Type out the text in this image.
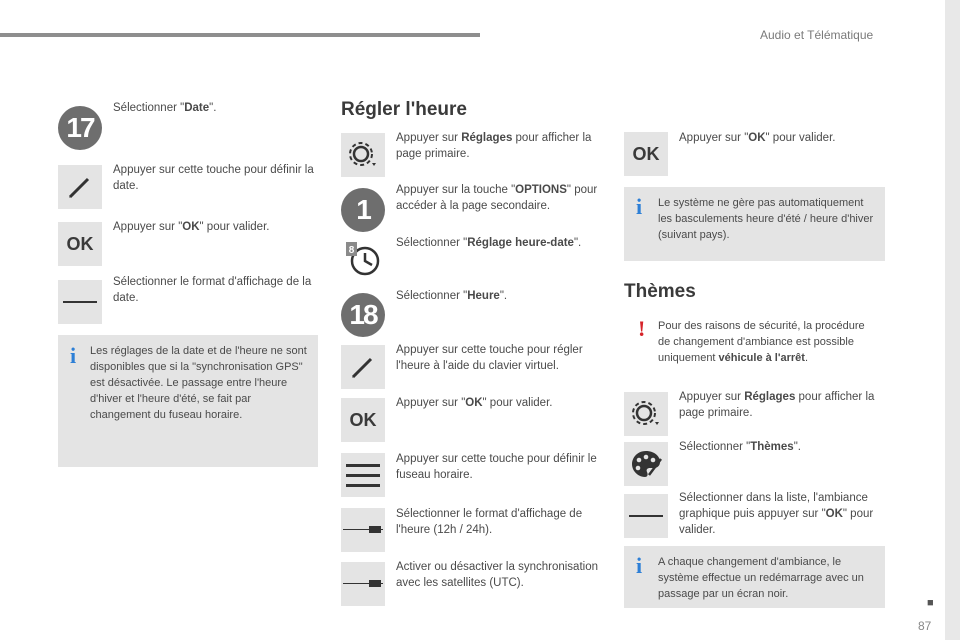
Audio et Télématique
17
Sélectionner "Date".
Appuyer sur cette touche pour définir la date.
OK
Appuyer sur "OK" pour valider.
Sélectionner le format d'affichage de la date.
i Les réglages de la date et de l'heure ne sont disponibles que si la "synchronisation GPS" est désactivée. Le passage entre l'heure d'hiver et l'heure d'été, se fait par changement du fuseau horaire.
Régler l'heure
Appuyer sur Réglages pour afficher la page primaire.
1
Appuyer sur la touche "OPTIONS" pour accéder à la page secondaire.
8
Sélectionner "Réglage heure-date".
18
Sélectionner "Heure".
Appuyer sur cette touche pour régler l'heure à l'aide du clavier virtuel.
OK
Appuyer sur "OK" pour valider.
Appuyer sur cette touche pour définir le fuseau horaire.
Sélectionner le format d'affichage de l'heure (12h / 24h).
Activer ou désactiver la synchronisation avec les satellites (UTC).
OK
Appuyer sur "OK" pour valider.
i Le système ne gère pas automatiquement les basculements heure d'été / heure d'hiver (suivant pays).
Thèmes
! Pour des raisons de sécurité, la procédure de changement d'ambiance est possible uniquement véhicule à l'arrêt.
Appuyer sur Réglages pour afficher la page primaire.
Sélectionner "Thèmes".
Sélectionner dans la liste, l'ambiance graphique puis appuyer sur "OK" pour valider.
i A chaque changement d'ambiance, le système effectue un redémarrage avec un passage par un écran noir.
■
87
